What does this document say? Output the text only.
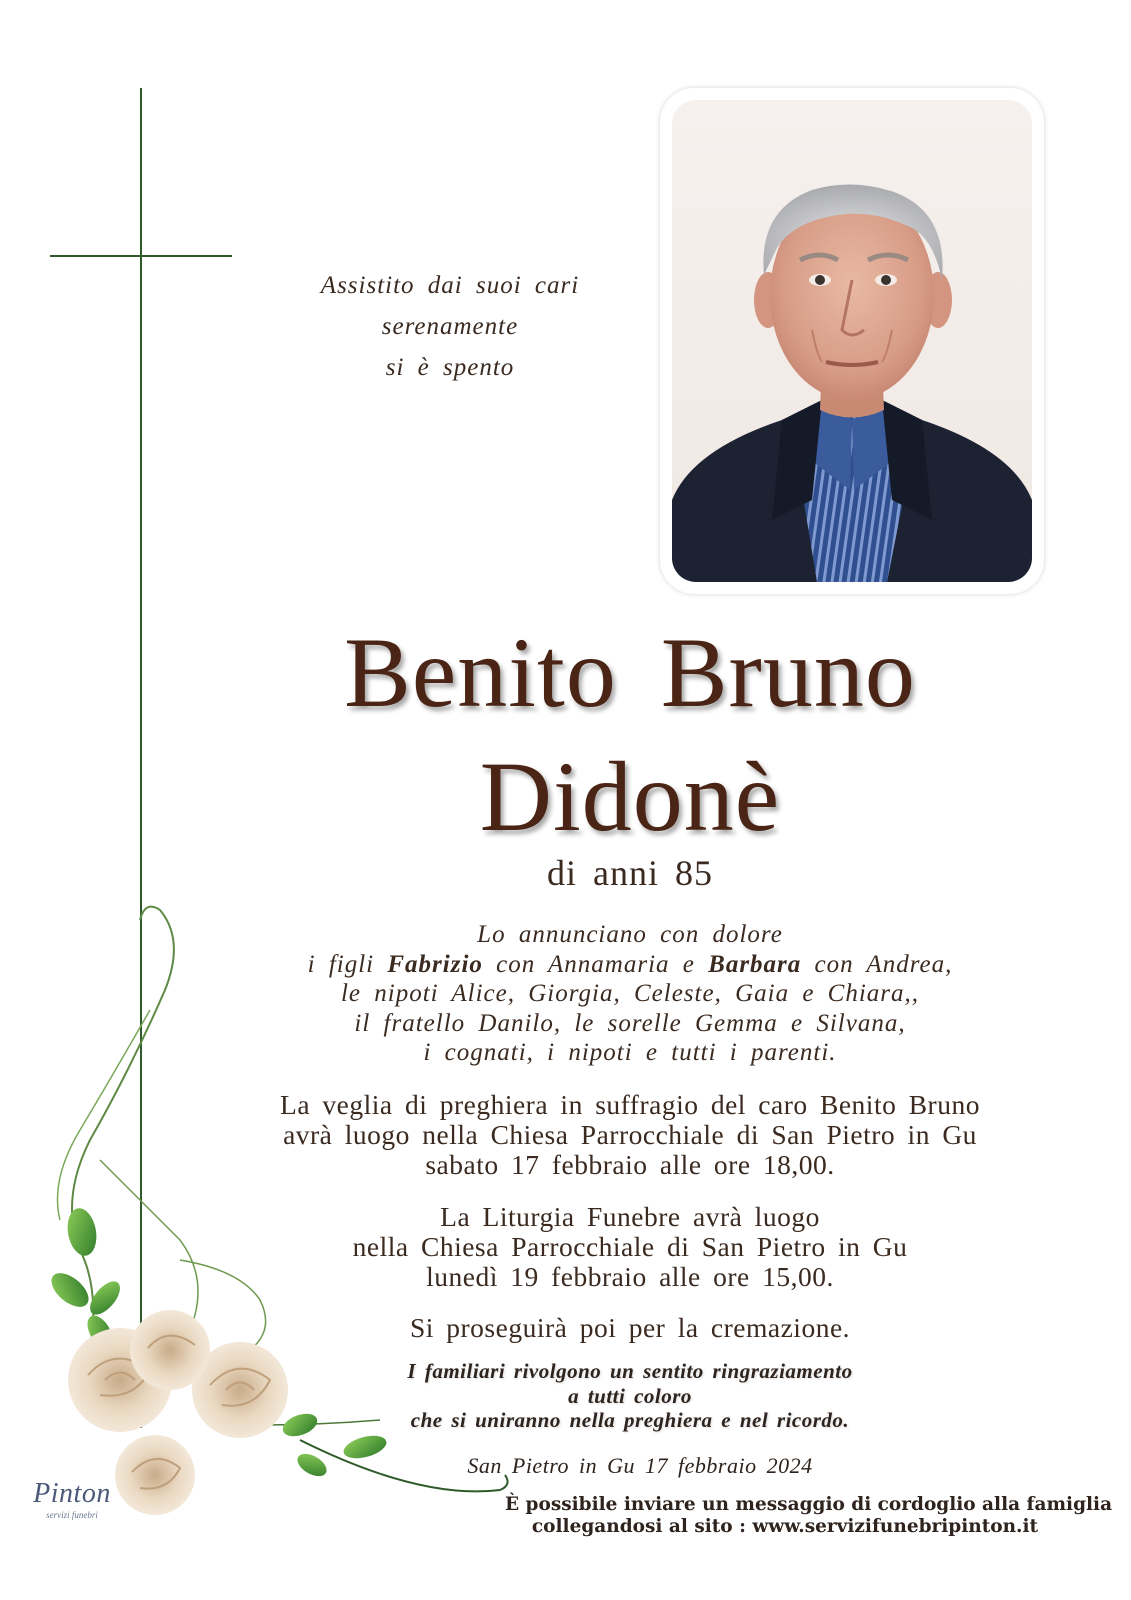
Assistito dai suoi cari
serenamente
si è spento
Benito Bruno
Didonè
di anni 85
Lo annunciano con dolore
i figli Fabrizio con Annamaria e Barbara con Andrea,
le nipoti Alice, Giorgia, Celeste, Gaia e Chiara,,
il fratello Danilo, le sorelle Gemma e Silvana,
i cognati, i nipoti e tutti i parenti.
La veglia di preghiera in suffragio del caro Benito Bruno
avrà luogo nella Chiesa Parrocchiale di San Pietro in Gu
sabato 17 febbraio alle ore 18,00.
La Liturgia Funebre avrà luogo
nella Chiesa Parrocchiale di San Pietro in Gu
lunedì 19 febbraio alle ore 15,00.
Si proseguirà poi per la cremazione.
I familiari rivolgono un sentito ringraziamento
a tutti coloro
che si uniranno nella preghiera e nel ricordo.
San Pietro in Gu 17 febbraio 2024
Pinton
servizi funebri	È possibile inviare un messaggio di cordoglio alla famiglia
collegandosi al sito : www.servizifunebripinton.it
